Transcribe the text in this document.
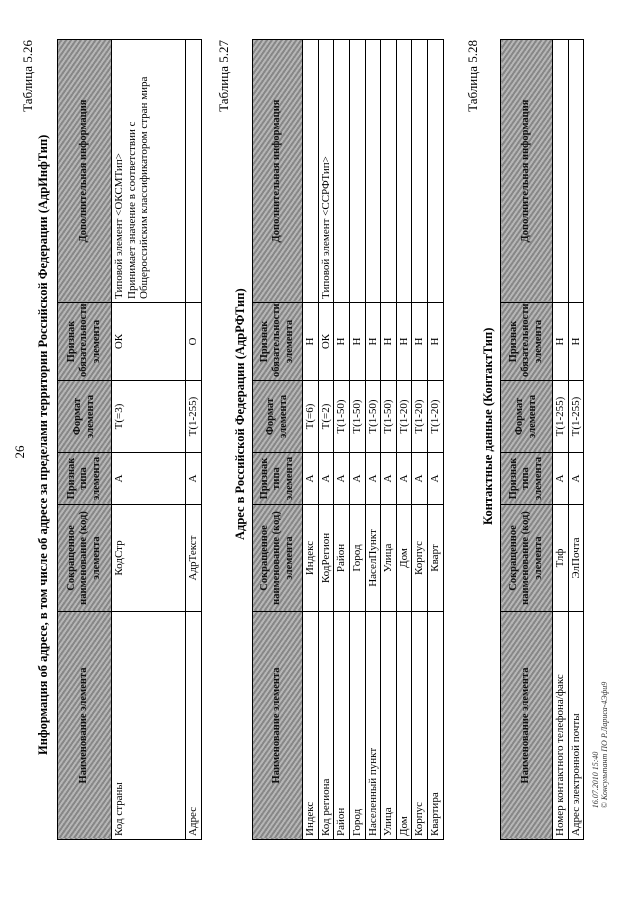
26
16.07.2010 15:40 © Консультант ПО Р.Лариса-4Эфи9
Таблица 5.26
Информация об адресе, в том числе об адресе за пределами территории Российской Федерации (АдрИнфТип)	Наименование элемента	Сокращенное наименование (код) элемента	Признак типа элемента	Формат элемента	Признак обязательности элемента	Дополнительная информация
Код страны	КодСтр	А	Т(=3)	ОК	Типовой элемент <ОКСМТип>
Принимает значение в соответствии с Общероссийским классификатором стран мира
Адрес	АдрТекст	А	Т(1-255)	О	
Таблица 5.27
Адрес в Российской Федерации (АдрРФТип)
Наименование элемента	Сокращенное наименование (код) элемента	Признак типа элемента	Формат элемента	Признак обязательности элемента	Дополнительная информация
Индекс	Индекс	А	Т(=6)	Н	
Код региона	КодРегион	А	Т(=2)	ОК	Типовой элемент <ССРФТип>
Район	Район	А	Т(1-50)	Н	
Город	Город	А	Т(1-50)	Н	
Населенный пункт	НаселПункт	А	Т(1-50)	Н	
Улица	Улица	А	Т(1-50)	Н	
Дом	Дом	А	Т(1-20)	Н	
Корпус	Корпус	А	Т(1-20)	Н	
Квартира	Кварт	А	Т(1-20)	Н	
Таблица 5.28
Контактные данные (КонтактТип)
Наименование элемента	Сокращенное наименование (код) элемента	Признак типа элемента	Формат элемента	Признак обязательности элемента	Дополнительная информация
Номер контактного телефона/факс	Тлф	А	Т(1-255)	Н	
Адрес электронной почты	ЭлПочта	А	Т(1-255)	Н	
